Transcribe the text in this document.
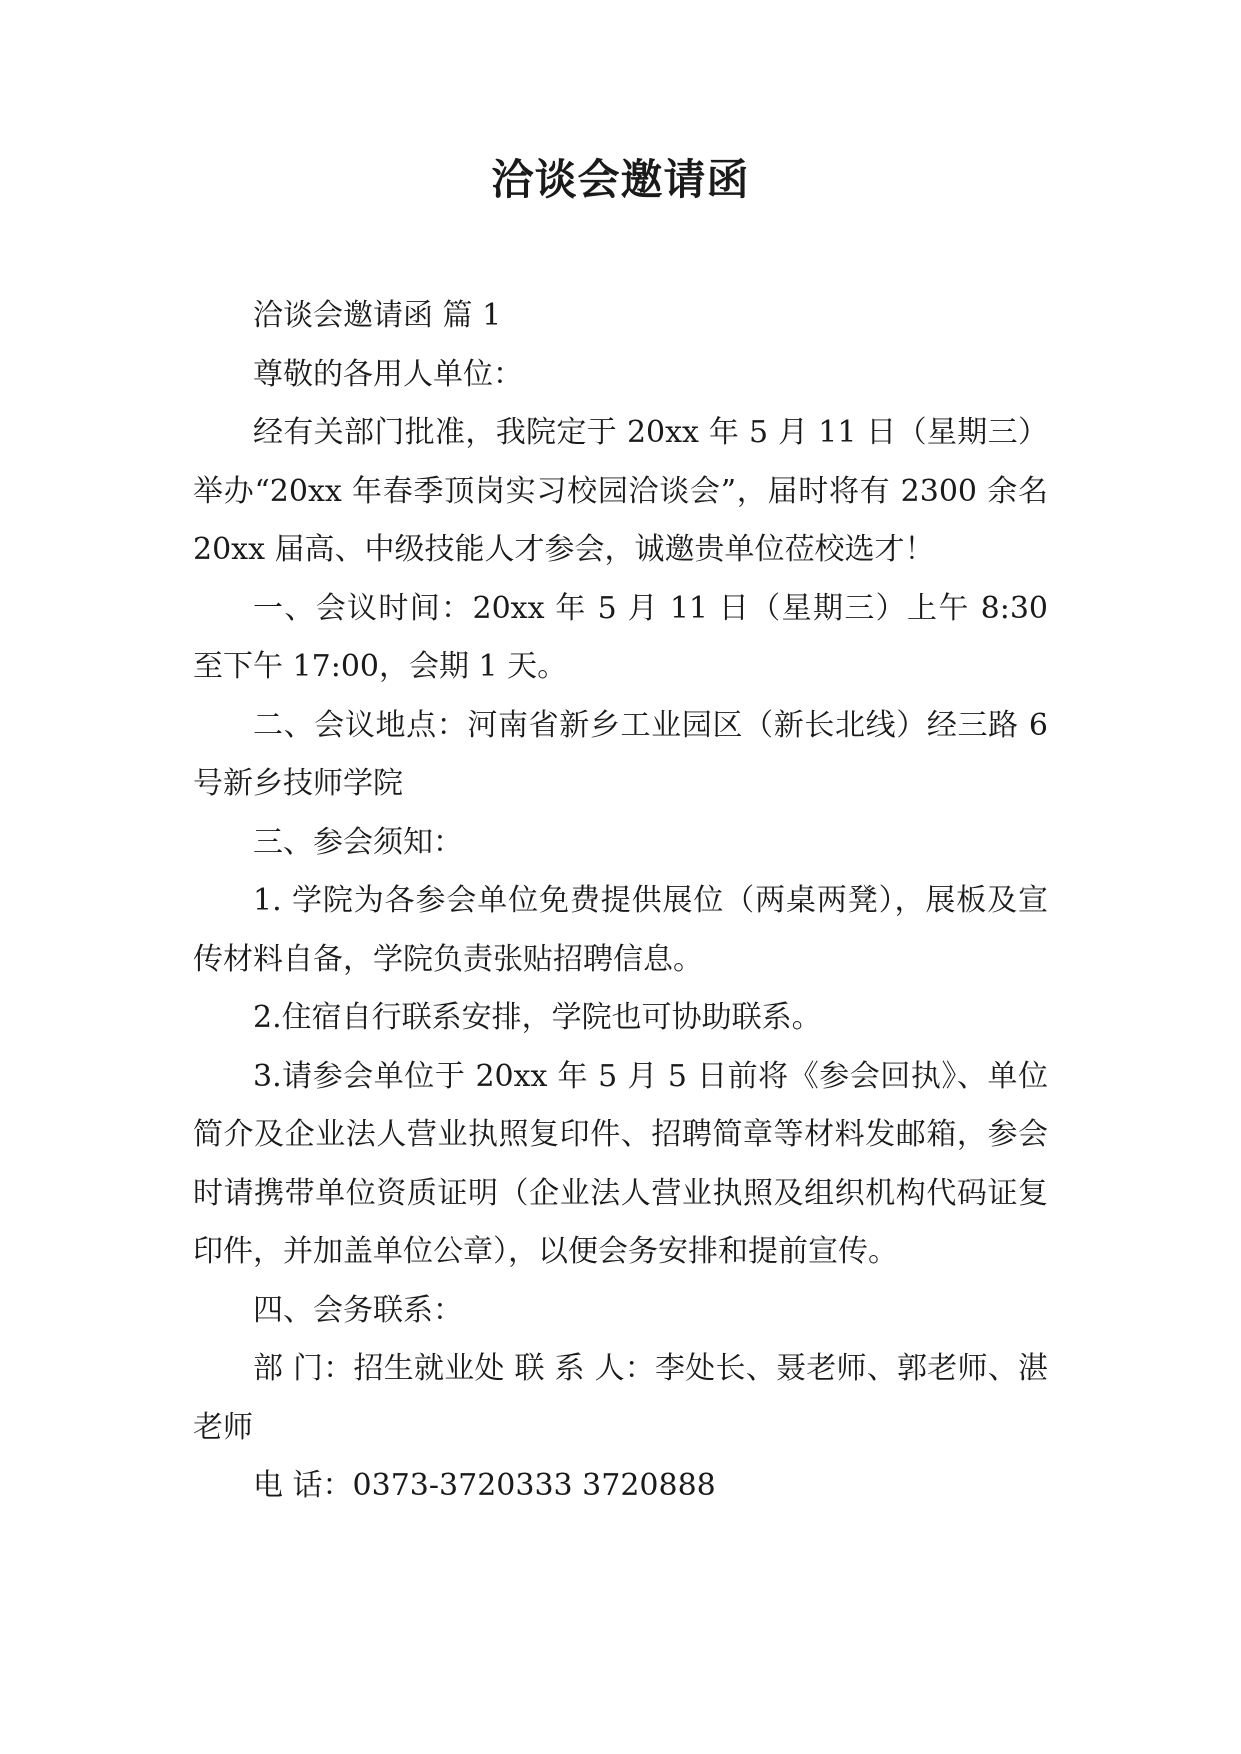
洽谈会邀请函

洽谈会邀请函 篇 1

尊敬的各用人单位：

经有关部门批准，我院定于 20xx 年 5 月 11 日（星期三）举办“20xx 年春季顶岗实习校园洽谈会”，届时将有 2300 余名 20xx 届高、中级技能人才参会，诚邀贵单位莅校选才！

一、会议时间：20xx 年 5 月 11 日（星期三）上午 8:30 至下午 17:00，会期 1 天。

二、会议地点：河南省新乡工业园区（新长北线）经三路 6 号新乡技师学院

三、参会须知：

1. 学院为各参会单位免费提供展位（两桌两凳），展板及宣传材料自备，学院负责张贴招聘信息。

2.住宿自行联系安排，学院也可协助联系。

3.请参会单位于 20xx 年 5 月 5 日前将《参会回执》、单位简介及企业法人营业执照复印件、招聘简章等材料发邮箱，参会时请携带单位资质证明（企业法人营业执照及组织机构代码证复印件，并加盖单位公章），以便会务安排和提前宣传。

四、会务联系：

部 门：招生就业处 联 系 人：李处长、聂老师、郭老师、湛老师

电 话：0373-3720333 3720888
